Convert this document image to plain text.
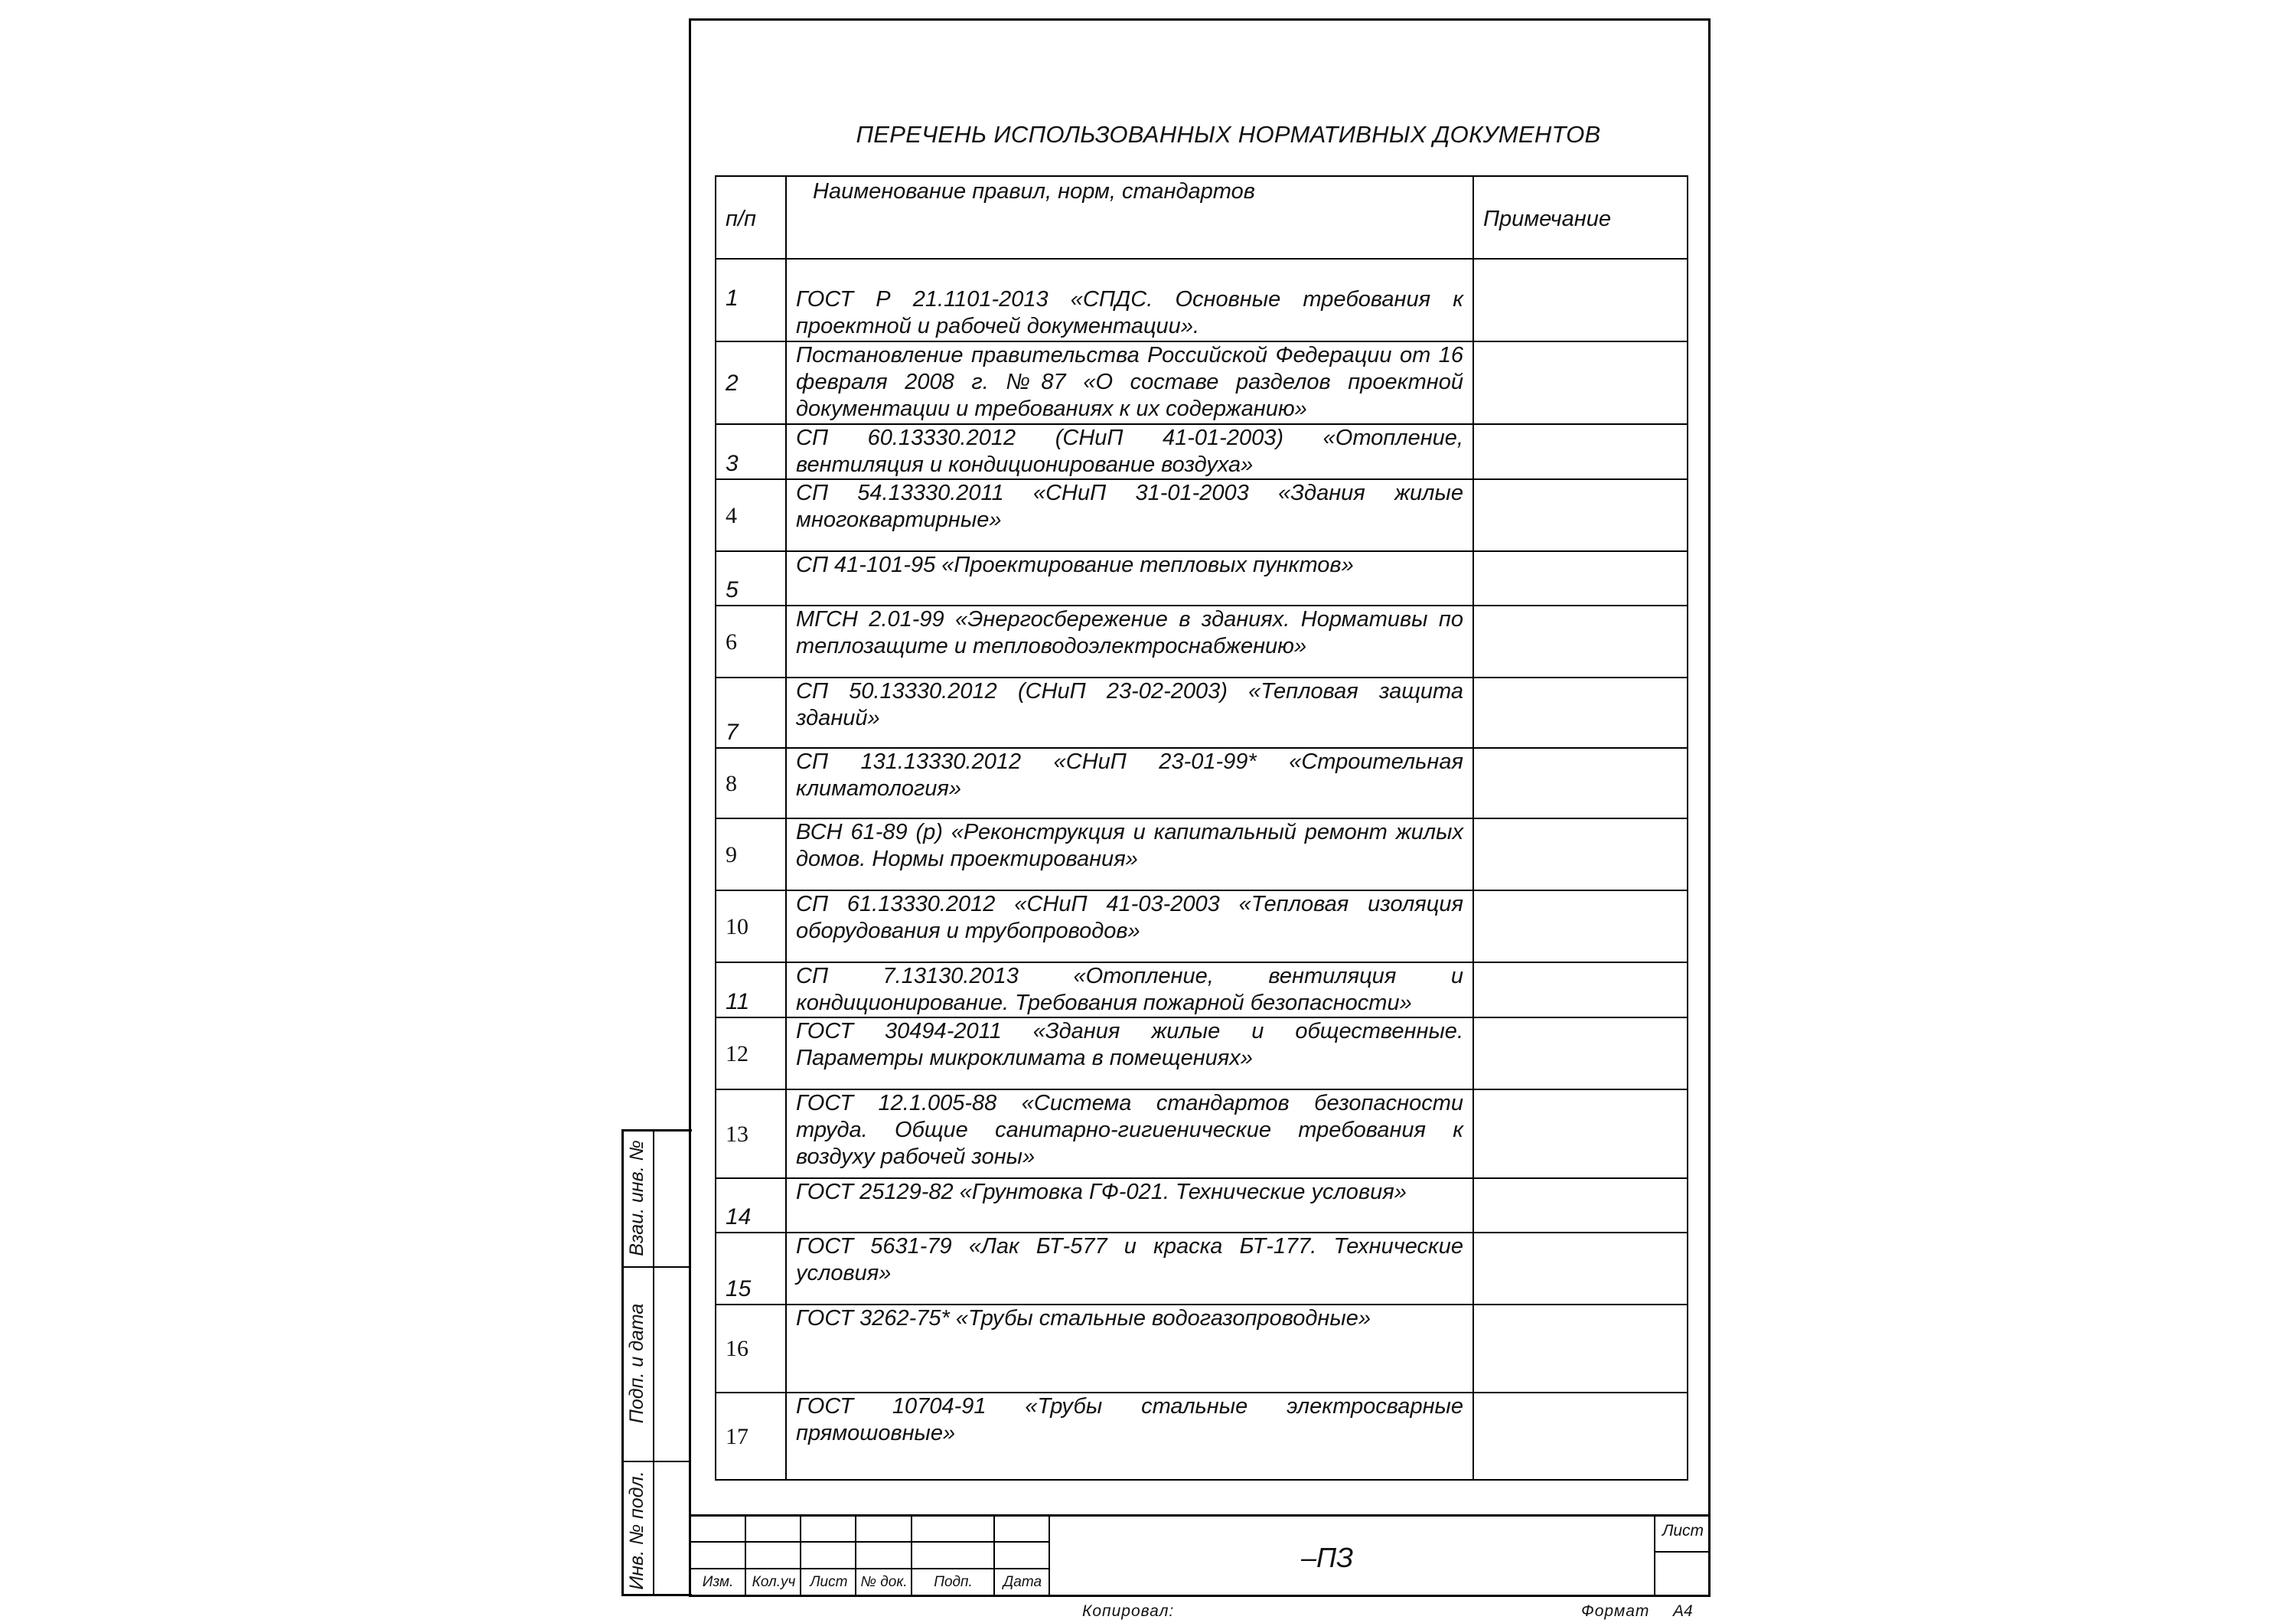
ПЕРЕЧЕНЬ ИСПОЛЬЗОВАННЫХ НОРМАТИВНЫХ ДОКУМЕНТОВ
п/п	Наименование правил, норм, стандартов	Примечание
1	ГОСТ Р 21.1101-2013 «СПДС. Основные требования к проектной и рабочей документации».	
2	Постановление правительства Российской Федерации от 16 февраля 2008 г. №87 «О составе разделов проектной документации и требованиях к их содержанию»	
3	СП 60.13330.2012 (СНиП 41-01-2003) «Отопление, вентиляция и кондиционирование воздуха»	
4	СП 54.13330.2011 «СНиП 31-01-2003 «Здания жилые многоквартирные»	
5	СП 41-101-95 «Проектирование тепловых пунктов»	
6	МГСН 2.01-99 «Энергосбережение в зданиях. Нормативы по теплозащите и тепловодоэлектроснабжению»	
7	СП 50.13330.2012 (СНиП 23-02-2003) «Тепловая защита зданий»	
8	СП 131.13330.2012 «СНиП 23-01-99* «Строительная климатология»	
9	ВСН 61-89 (р) «Реконструкция и капитальный ремонт жилых домов. Нормы проектирования»	
10	СП 61.13330.2012 «СНиП 41-03-2003 «Тепловая изоляция оборудования и трубопроводов»	
11	СП 7.13130.2013 «Отопление, вентиляция и кондиционирование. Требования пожарной безопасности»	
12	ГОСТ 30494-2011 «Здания жилые и общественные. Параметры микроклимата в помещениях»	
13	ГОСТ 12.1.005-88 «Система стандартов безопасности труда. Общие санитарно-гигиенические требования к воздуху рабочей зоны»	
14	ГОСТ 25129-82 «Грунтовка ГФ-021. Технические условия»	
15	ГОСТ 5631-79 «Лак БТ-577 и краска БТ-177. Технические условия»	
16	ГОСТ 3262-75* «Трубы стальные водогазопроводные»	
17	ГОСТ 10704-91 «Трубы стальные электросварные прямошовные»	
Взаи. инв. №
Подп. и дата
Инв. № подл.	Изм.	Кол.уч	Лист № док.	Подп.	Дата
–ПЗ
Лист
Копировал:	Формат А4
